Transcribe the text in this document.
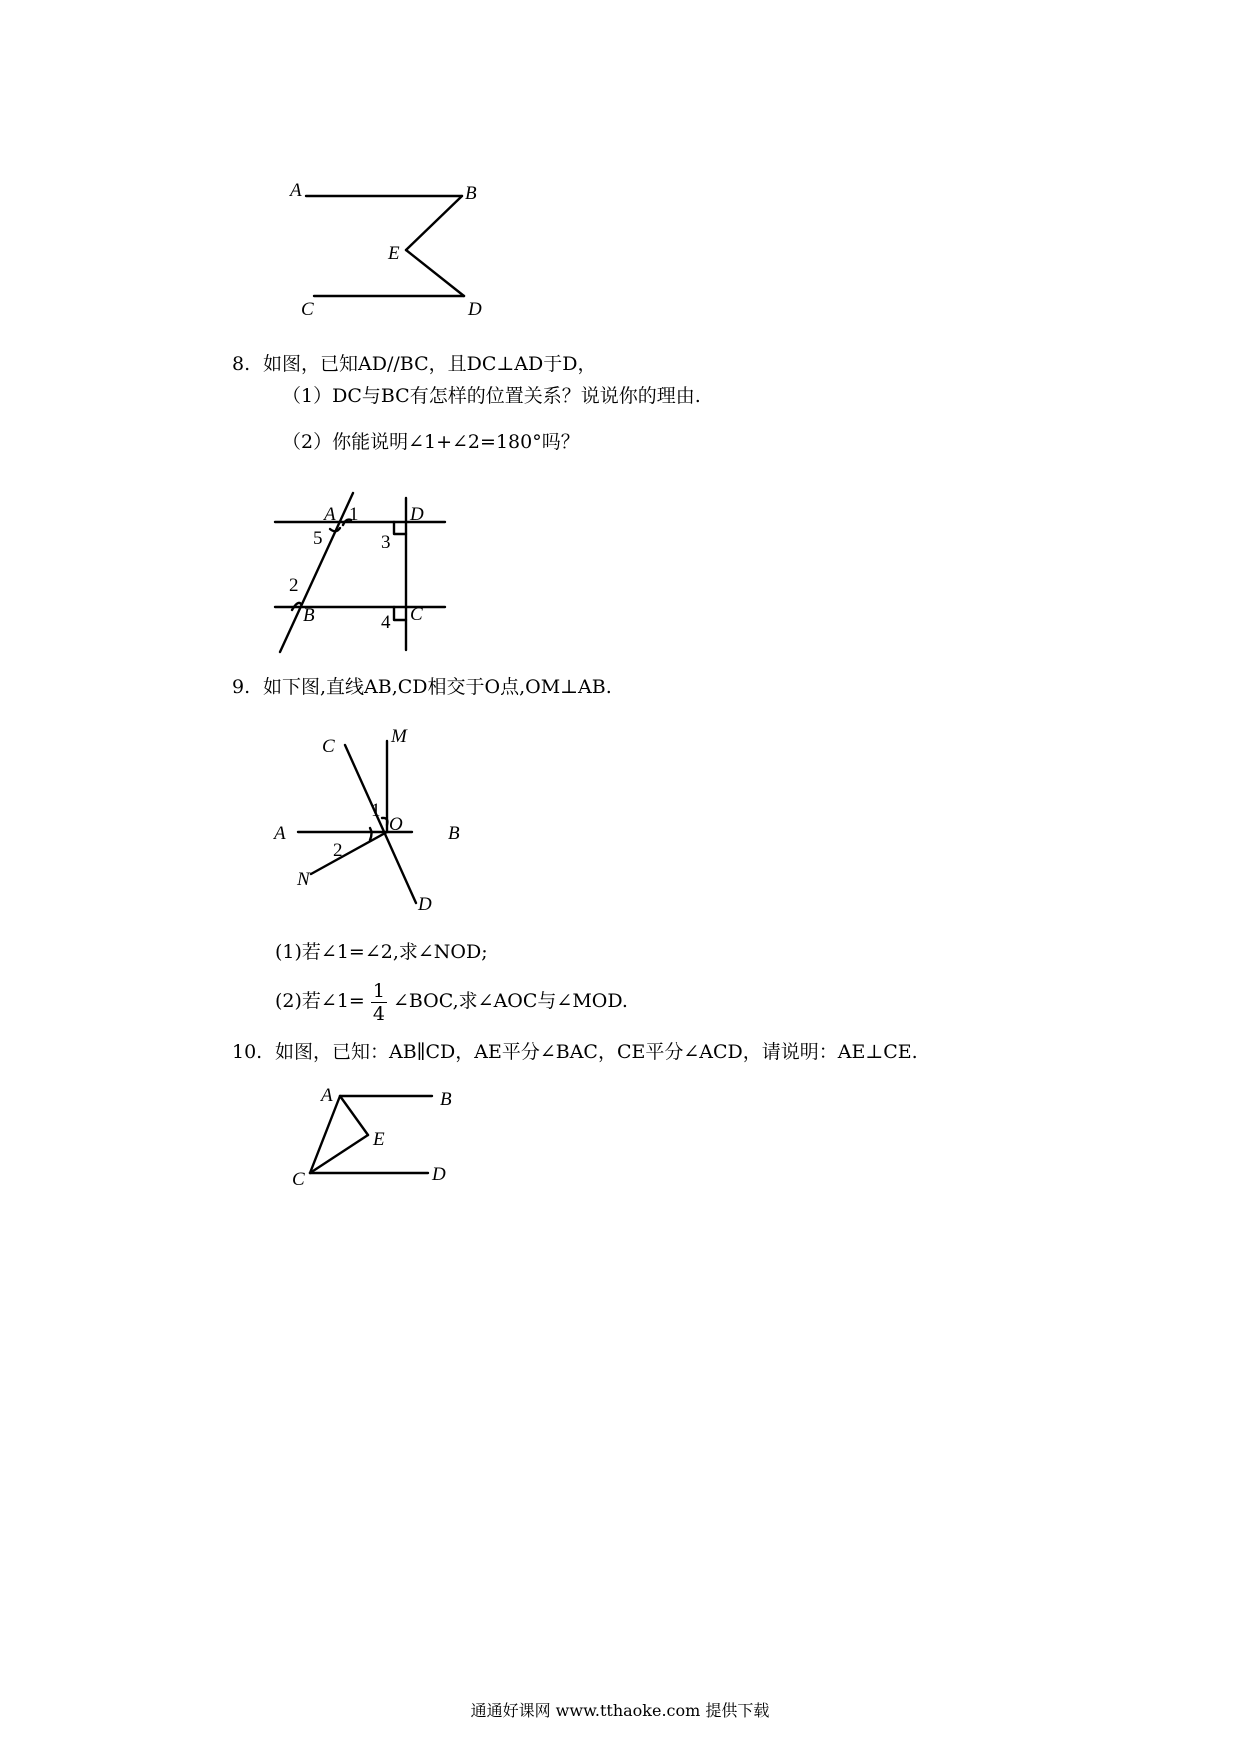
A	B
E
C	D
8. 如图，已知AD//BC，且DC⊥AD于D，
（1）DC与BC有怎样的位置关系？说说你的理由.
（2）你能说明∠1+∠2=180°吗？
A 1	D
5	3
2
B	4 C
9. 如下图,直线AB,CD相交于O点,OM⊥AB.
C	M
1
O
A	B
2
N
D
(1)若∠1=∠2,求∠NOD;
(2)若∠1= $\frac{1}{4}$ ∠BOC,求∠AOC与∠MOD.
10. 如图，已知：AB∥CD，AE平分∠BAC，CE平分∠ACD，请说明：AE⊥CE.
A	B
E
C	D
通通好课网 www.tthaoke.com 提供下载
